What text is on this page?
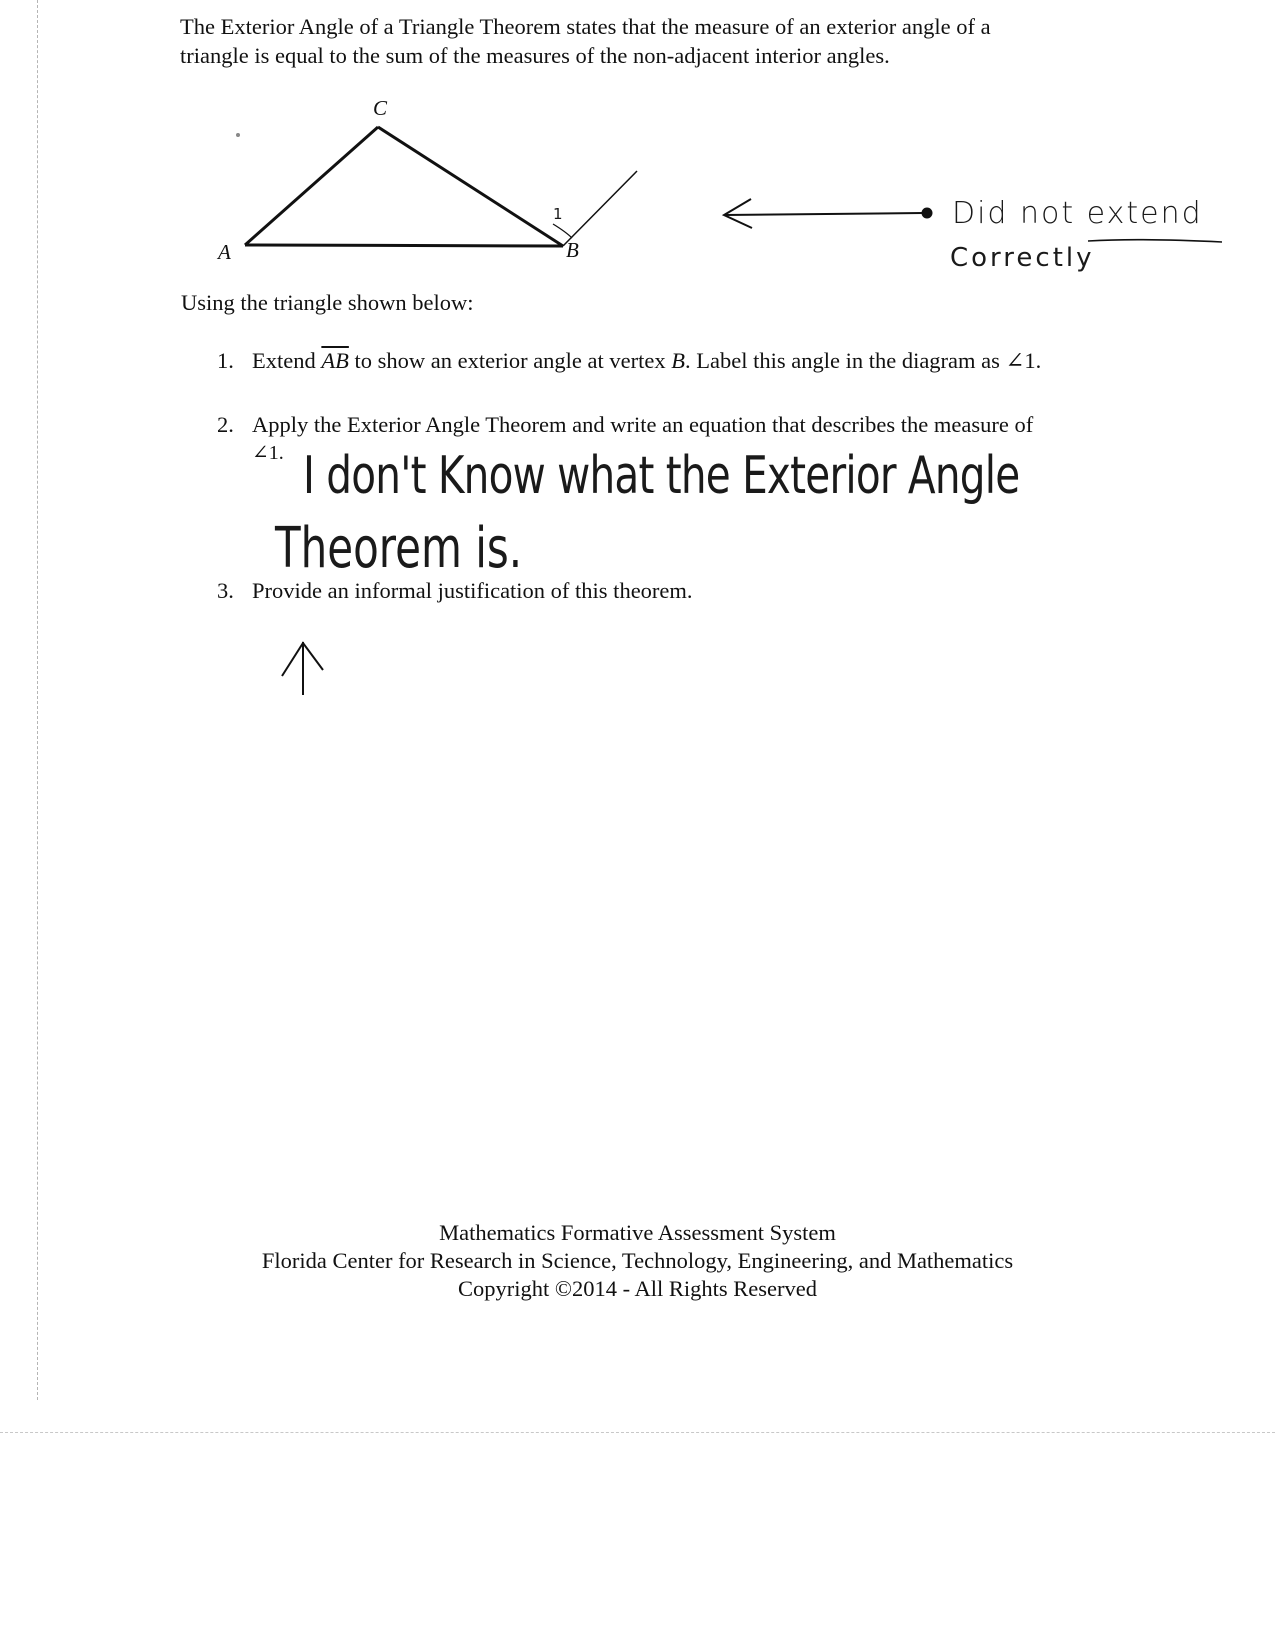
The Exterior Angle of a Triangle Theorem states that the measure of an exterior angle of a triangle is equal to the sum of the measures of the non-adjacent interior angles.
C
A	B
1	Did not extend
Correctly
Using the triangle shown below:
1. Extend $\overline{AB}$ to show an exterior angle at vertex B. Label this angle in the diagram as ∠1.
2. Apply the Exterior Angle Theorem and write an equation that describes the measure of
∠1. I don't Know what the Exterior Angle
Theorem is.
3. Provide an informal justification of this theorem.
Mathematics Formative Assessment System
Florida Center for Research in Science, Technology, Engineering, and Mathematics
Copyright ©2014 - All Rights Reserved
